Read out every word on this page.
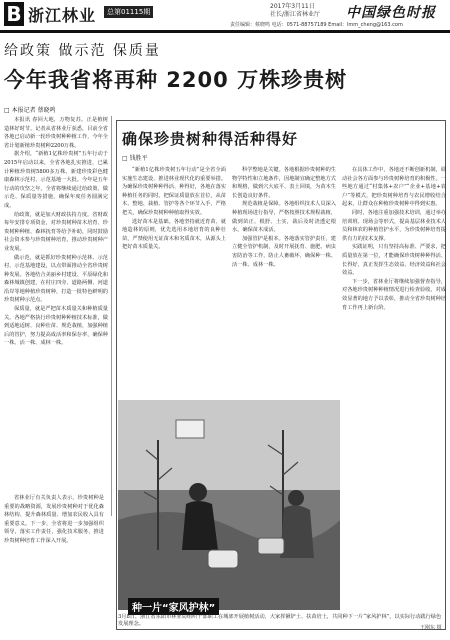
B 浙江林业	总第01115期
2017年3月11日
社长/浙江省林业厅 中国绿色时报
责任编辑：蔡晓鸣 电话：0571-88757189 Email：lmm_cheng@163.com
给政策 做示范 保质量
今年我省将再种 2200 万株珍贵树
□ 本报记者 蔡晓鸣

本报讯 春回大地，万物复苏。正是植树造林好时节。记者从省林业厅获悉，目前全省各地已启动新一轮珍贵树种种植工作，今年全省计划新植珍贵树种2200万株。

据介绍，“新植1亿株珍贵树”五年行动于2015年启动以来，全省各地扎实推进，已累计种植珍贵树5800多万株，新建珍贵彩色健康森林示范村、示范基地一大批。今年是五年行动的攻坚之年，全省将继续通过给政策、做示范、保质量等措施，确保年度任务圆满完成。

给政策，就是加大财政扶持力度。省财政每年安排专项资金，对珍贵树种苗木培育、珍贵树种种植、森林抚育等给予补助，同时鼓励社会资本参与珍贵树种培育，推动珍贵树种产业发展。

做示范，就是抓好珍贵树种示范林、示范村、示范基地建设，以点带面推动全省珍贵树种发展。各地结合美丽乡村建设、平原绿化和森林城镇创建，在村庄四旁、道路两侧、河道沿岸等地种植珍贵树种，打造一批特色鲜明的珍贵树种示范点。

保质量，就是严把苗木质量关和种植质量关。各地严格执行珍贵树种种植技术标准，做到适地适树、良种壮苗、规范栽植，加强种植后的管护，努力提高成活率和保存率，确保种一株、活一株、成林一株。

省林业厅有关负责人表示，珍贵树种是重要的战略资源，发展珍贵树种对于优化森林结构、提升森林质量、增加农民收入具有重要意义。下一步，全省将进一步加强组织领导，落实工作责任，强化技术服务，推进珍贵树种培育工作深入开展。

确保珍贵树种得活种得好
□ 钱胜平

“新植1亿株珍贵树五年行动”是全省全面实施生态建设、推进林业现代化的重要举措。为确保珍贵树种种得活、种得好，各地在落实种植任务的同时，把保证质量放在首位，从苗木、整地、栽植、管护等各个环节入手，严格把关，确保珍贵树种种植取得实效。

选好苗木是基础。各地坚持就近育苗、就地造林的原则，优先选用本地培育的良种壮苗，严禁使用无证苗木和劣质苗木，从源头上把好苗木质量关。

科学整地是关键。各地根据珍贵树种的生物学特性和立地条件，因地制宜确定整地方式和规格，做到穴大底平、表土回填，为苗木生长创造良好条件。

规范栽植是保障。各地组织技术人员深入种植现场进行指导，严格按照技术规程栽植，做到苗正、根舒、土实，栽后及时浇透定根水，确保苗木成活。

加强管护是根本。各地落实管护责任，建立健全管护机制，及时开展抚育、施肥、病虫害防治等工作，防止人畜破坏，确保种一株、活一株、成林一株。

在具体工作中，各地还不断创新机制，调动社会各方面参与珍贵树种培育的积极性。一些地方通过“村集体+农户”“企业+基地+农户”等模式，把珍贵树种培育与农民增收结合起来，让群众在种植珍贵树种中得到实惠。

同时，各地注重加强技术培训，通过举办培训班、现场会等形式，提高基层林业技术人员和林农的种植管护水平，为珍贵树种培育提供有力的技术支撑。

实践证明，只有坚持高标准、严要求，把质量放在第一位，才能确保珍贵树种种得活、长得好，真正发挥生态效益、经济效益和社会效益。

下一步，省林业厅将继续加强督查指导，对各地珍贵树种种植情况进行检查验收，对成效显著的地方予以表彰，推动全省珍贵树种培育工作再上新台阶。

种一片“家风护林”
3月8日，浙江省东阳市林业局组织干部职工在城郊开展植树活动，大家挥锹铲土、扶苗培土，共同种下一片“家风护林”，以实际行动践行绿色发展理念。
王刚东 摄
